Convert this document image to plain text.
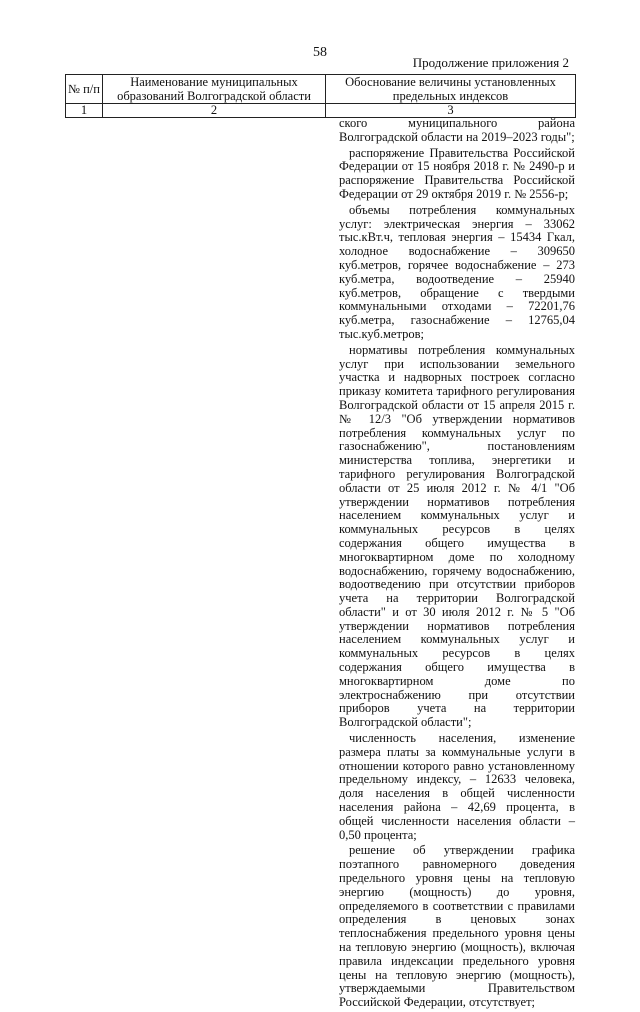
58
Продолжение приложения 2
№ п/п	Наименование муниципальных образований Волгоградской области	Обоснование величины установленных предельных индексов
1	2	3

ского муниципального района Волгоградской области на 2019–2023 годы";

распоряжение Правительства Российской Федерации от 15 ноября 2018 г. № 2490-р и распоряжение Правительства Российской Федерации от 29 октября 2019 г. № 2556-р;

объемы потребления коммунальных услуг: электрическая энергия – 33062 тыс.кВт.ч, тепловая энергия – 15434 Гкал, холодное водоснабжение – 309650 куб.метров, горячее водоснабжение – 273 куб.метра, водоотведение – 25940 куб.метров, обращение с твердыми коммунальными отходами – 72201,76 куб.метра, газоснабжение – 12765,04 тыс.куб.метров;

нормативы потребления коммунальных услуг при использовании земельного участка и надворных построек согласно приказу комитета тарифного регулирования Волгоградской области от 15 апреля 2015 г. № 12/3 "Об утверждении нормативов потребления коммунальных услуг по газоснабжению", постановлениям министерства топлива, энергетики и тарифного регулирования Волгоградской области от 25 июля 2012 г. № 4/1 "Об утверждении нормативов потребления населением коммунальных услуг и коммунальных ресурсов в целях содержания общего имущества в многоквартирном доме по холодному водоснабжению, горячему водоснабжению, водоотведению при отсутствии приборов учета на территории Волгоградской области" и от 30 июля 2012 г. № 5 "Об утверждении нормативов потребления населением коммунальных услуг и коммунальных ресурсов в целях содержания общего имущества в многоквартирном доме по электроснабжению при отсутствии приборов учета на территории Волгоградской области";

численность населения, изменение размера платы за коммунальные услуги в отношении которого равно установленному предельному индексу, – 12633 человека, доля населения в общей численности населения района – 42,69 процента, в общей численности населения области – 0,50 процента;

решение об утверждении графика поэтапного равномерного доведения предельного уровня цены на тепловую энергию (мощность) до уровня, определяемого в соответствии с правилами определения в ценовых зонах теплоснабжения предельного уровня цены на тепловую энергию (мощность), включая правила индексации предельного уровня цены на тепловую энергию (мощность), утверждаемыми Правительством Российской Федерации, отсутствует;
